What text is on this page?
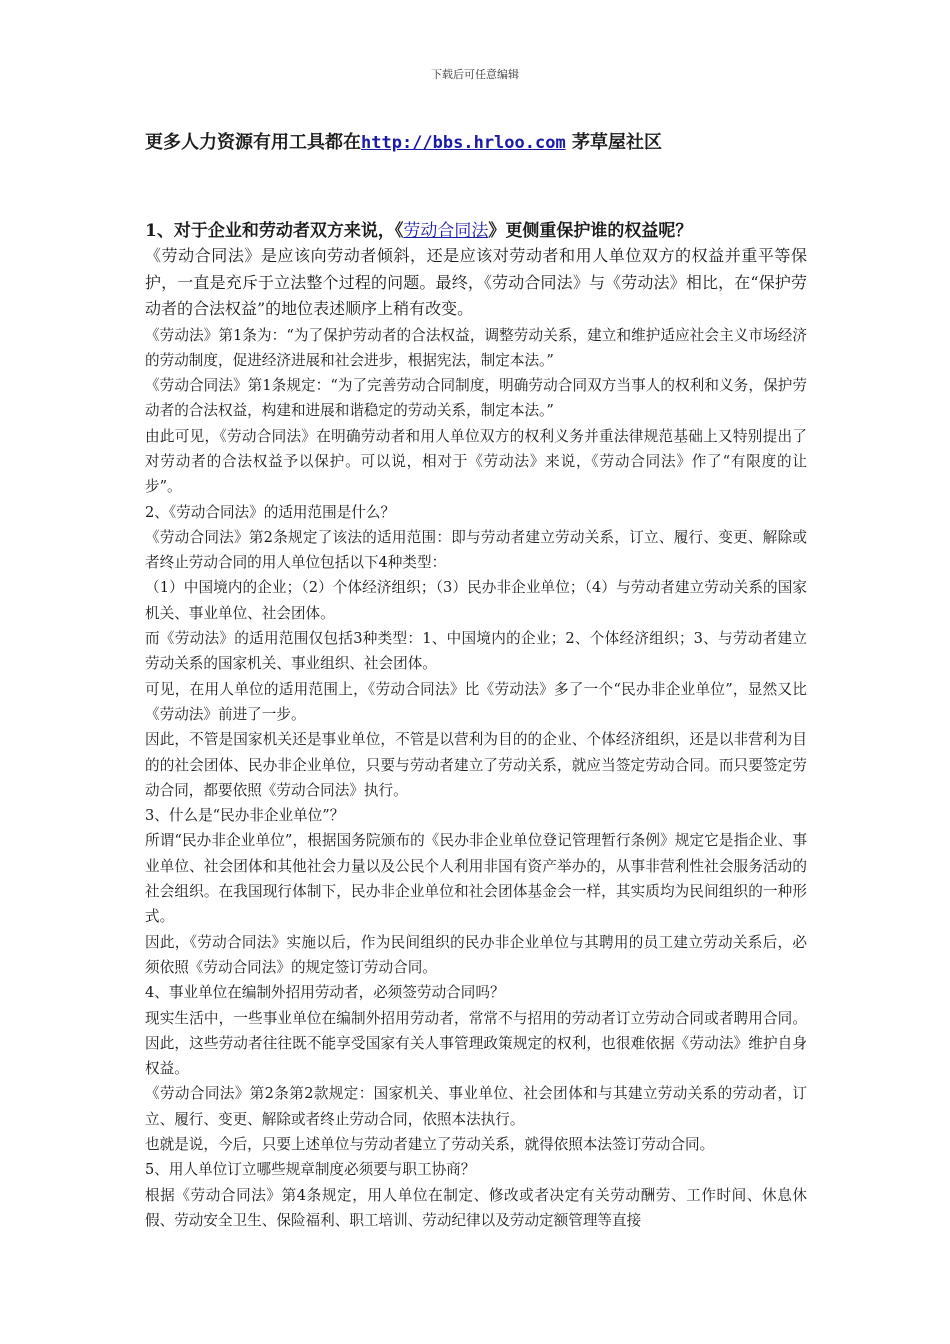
下载后可任意编辑
更多人力资源有用工具都在http://bbs.hrloo.com 茅草屋社区

1、对于企业和劳动者双方来说，《劳动合同法》更侧重保护谁的权益呢？

《劳动合同法》是应该向劳动者倾斜，还是应该对劳动者和用人单位双方的权益并重平等保护，一直是充斥于立法整个过程的问题。最终，《劳动合同法》与《劳动法》相比，在“保护劳动者的合法权益”的地位表述顺序上稍有改变。

《劳动法》第1条为：“为了保护劳动者的合法权益，调整劳动关系，建立和维护适应社会主义市场经济的劳动制度，促进经济进展和社会进步，根据宪法，制定本法。”

《劳动合同法》第1条规定：“为了完善劳动合同制度，明确劳动合同双方当事人的权利和义务，保护劳动者的合法权益，构建和进展和谐稳定的劳动关系，制定本法。”

由此可见，《劳动合同法》在明确劳动者和用人单位双方的权利义务并重法律规范基础上又特别提出了对劳动者的合法权益予以保护。可以说，相对于《劳动法》来说，《劳动合同法》作了“有限度的让步”。

2、《劳动合同法》的适用范围是什么？

《劳动合同法》第2条规定了该法的适用范围：即与劳动者建立劳动关系，订立、履行、变更、解除或者终止劳动合同的用人单位包括以下4种类型：

（1）中国境内的企业；（2）个体经济组织；（3）民办非企业单位；（4）与劳动者建立劳动关系的国家机关、事业单位、社会团体。

而《劳动法》的适用范围仅包括3种类型：1、中国境内的企业；2、个体经济组织；3、与劳动者建立劳动关系的国家机关、事业组织、社会团体。

可见，在用人单位的适用范围上，《劳动合同法》比《劳动法》多了一个“民办非企业单位”，显然又比《劳动法》前进了一步。

因此，不管是国家机关还是事业单位，不管是以营利为目的的企业、个体经济组织，还是以非营利为目的的社会团体、民办非企业单位，只要与劳动者建立了劳动关系，就应当签定劳动合同。而只要签定劳动合同，都要依照《劳动合同法》执行。

3、什么是“民办非企业单位”？

所谓“民办非企业单位”，根据国务院颁布的《民办非企业单位登记管理暂行条例》规定它是指企业、事业单位、社会团体和其他社会力量以及公民个人利用非国有资产举办的，从事非营利性社会服务活动的社会组织。在我国现行体制下，民办非企业单位和社会团体基金会一样，其实质均为民间组织的一种形式。

因此，《劳动合同法》实施以后，作为民间组织的民办非企业单位与其聘用的员工建立劳动关系后，必须依照《劳动合同法》的规定签订劳动合同。

4、事业单位在编制外招用劳动者，必须签劳动合同吗？

现实生活中，一些事业单位在编制外招用劳动者，常常不与招用的劳动者订立劳动合同或者聘用合同。因此，这些劳动者往往既不能享受国家有关人事管理政策规定的权利，也很难依据《劳动法》维护自身权益。

《劳动合同法》第2条第2款规定：国家机关、事业单位、社会团体和与其建立劳动关系的劳动者，订立、履行、变更、解除或者终止劳动合同，依照本法执行。

也就是说，今后，只要上述单位与劳动者建立了劳动关系，就得依照本法签订劳动合同。

5、用人单位订立哪些规章制度必须要与职工协商？

根据《劳动合同法》第4条规定，用人单位在制定、修改或者决定有关劳动酬劳、工作时间、休息休假、劳动安全卫生、保险福利、职工培训、劳动纪律以及劳动定额管理等直接
